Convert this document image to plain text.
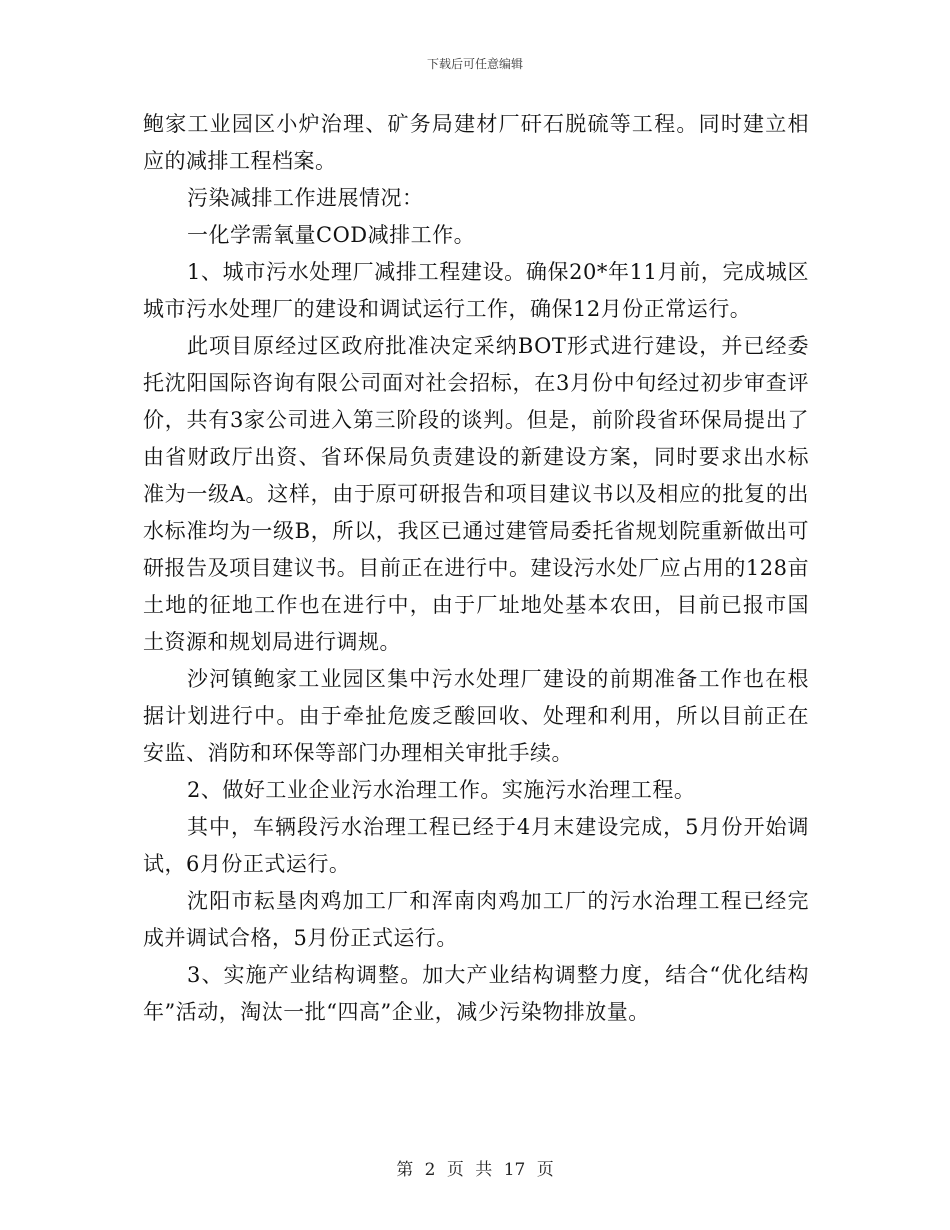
下载后可任意编辑

鲍家工业园区小炉治理、矿务局建材厂矸石脱硫等工程。同时建立相应的减排工程档案。

污染减排工作进展情况：

一化学需氧量COD减排工作。

1、城市污水处理厂减排工程建设。确保20*年11月前，完成城区城市污水处理厂的建设和调试运行工作，确保12月份正常运行。

此项目原经过区政府批准决定采纳BOT形式进行建设，并已经委托沈阳国际咨询有限公司面对社会招标，在3月份中旬经过初步审查评价，共有3家公司进入第三阶段的谈判。但是，前阶段省环保局提出了由省财政厅出资、省环保局负责建设的新建设方案，同时要求出水标准为一级A。这样，由于原可研报告和项目建议书以及相应的批复的出水标准均为一级B，所以，我区已通过建管局委托省规划院重新做出可研报告及项目建议书。目前正在进行中。建设污水处厂应占用的128亩土地的征地工作也在进行中，由于厂址地处基本农田，目前已报市国土资源和规划局进行调规。

沙河镇鲍家工业园区集中污水处理厂建设的前期准备工作也在根据计划进行中。由于牵扯危废乏酸回收、处理和利用，所以目前正在安监、消防和环保等部门办理相关审批手续。

2、做好工业企业污水治理工作。实施污水治理工程。

其中，车辆段污水治理工程已经于4月末建设完成，5月份开始调试，6月份正式运行。

沈阳市耘垦肉鸡加工厂和浑南肉鸡加工厂的污水治理工程已经完成并调试合格，5月份正式运行。

3、实施产业结构调整。加大产业结构调整力度，结合“优化结构年”活动，淘汰一批“四高”企业，减少污染物排放量。

第 2 页 共 17 页
